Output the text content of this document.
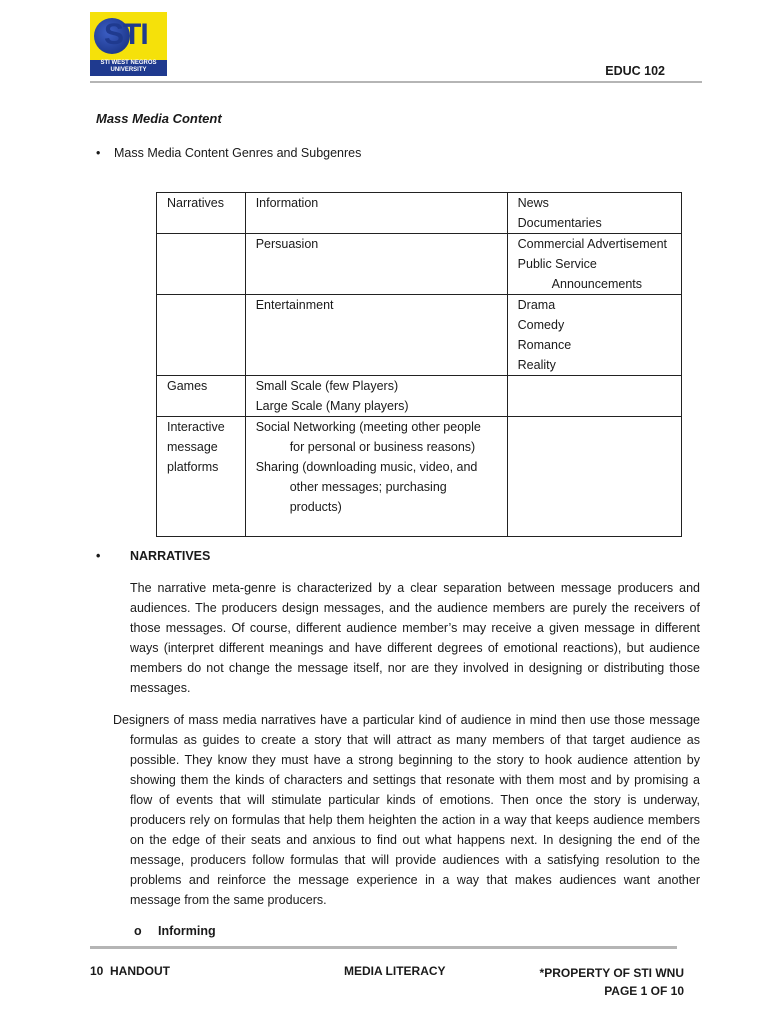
STI
STI WEST NEGROS UNIVERSITY	EDUC 102
Mass Media Content
• Mass Media Content Genres and Subgenres
Narratives	Information	News
Documentaries

	Persuasion	Commercial Advertisement
Public Service
Announcements

	Entertainment	Drama
Comedy
Romance
Reality

Games	Small Scale (few Players)
Large Scale (Many players)	

Interactive
message
platforms	Social Networking (meeting other people
for personal or business reasons)
Sharing (downloading music, video, and
other messages; purchasing
products)	

• NARRATIVES
The narrative meta-genre is characterized by a clear separation between message producers and audiences. The producers design messages, and the audience members are purely the receivers of those messages. Of course, different audience member’s may receive a given message in different ways (interpret different meanings and have different degrees of emotional reactions), but audience members do not change the message itself, nor are they involved in designing or distributing those messages.
Designers of mass media narratives have a particular kind of audience in mind then use those message formulas as guides to create a story that will attract as many members of that target audience as possible. They know they must have a strong beginning to the story to hook audience attention by showing them the kinds of characters and settings that resonate with them most and by promising a flow of events that will stimulate particular kinds of emotions. Then once the story is underway, producers rely on formulas that help them heighten the action in a way that keeps audience members on the edge of their seats and anxious to find out what happens next. In designing the end of the message, producers follow formulas that will provide audiences with a satisfying resolution to the problems and reinforce the message experience in a way that makes audiences want another message from the same producers.
o Informing
10  HANDOUT	MEDIA LITERACY	*PROPERTY OF STI WNU
PAGE 1 OF 10
